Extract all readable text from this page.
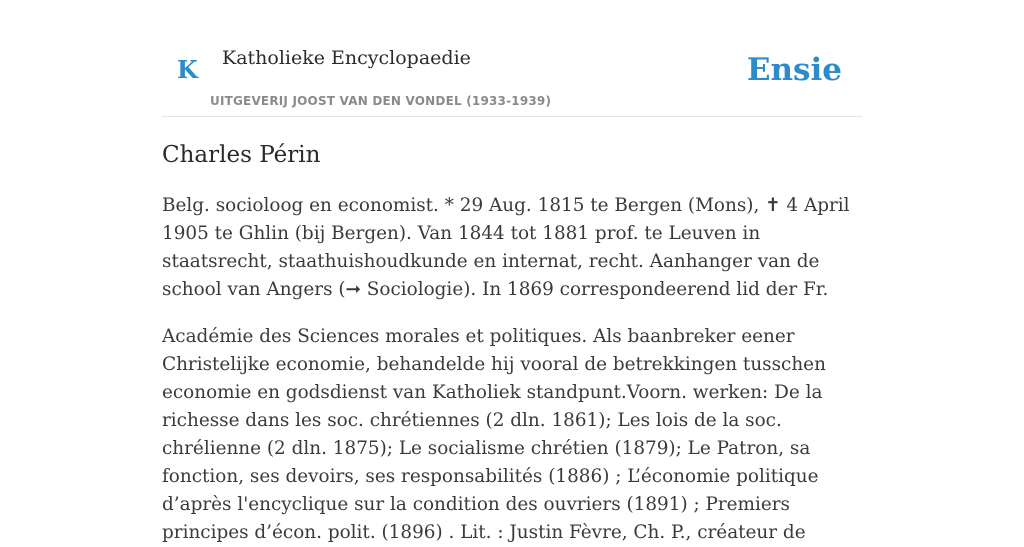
K Katholieke Encyclopaedie
UITGEVERIJ JOOST VAN DEN VONDEL (1933-1939)
Ensie
Charles Périn

Belg. socioloog en economist. * 29 Aug. 1815 te Bergen (Mons), ✝ 4 April 1905 te Ghlin (bij Bergen). Van 1844 tot 1881 prof. te Leuven in staatsrecht, staathuishoudkunde en internat, recht. Aanhanger van de school van Angers (➞ Sociologie). In 1869 correspondeerend lid der Fr.

Académie des Sciences morales et politiques. Als baanbreker eener Christelijke economie, behandelde hij vooral de betrekkingen tusschen economie en godsdienst van Katholiek standpunt.Voorn. werken: De la richesse dans les soc. chrétiennes (2 dln. 1861); Les lois de la soc. chrélienne (2 dln. 1875); Le socialisme chrétien (1879); Le Patron, sa fonction, ses devoirs, ses responsabilités (1886) ; L’économie politique d’après l'encyclique sur la condition des ouvriers (1891) ; Premiers principes d’écon. polit. (1896) . Lit. : Justin Fèvre, Ch. P., créateur de
